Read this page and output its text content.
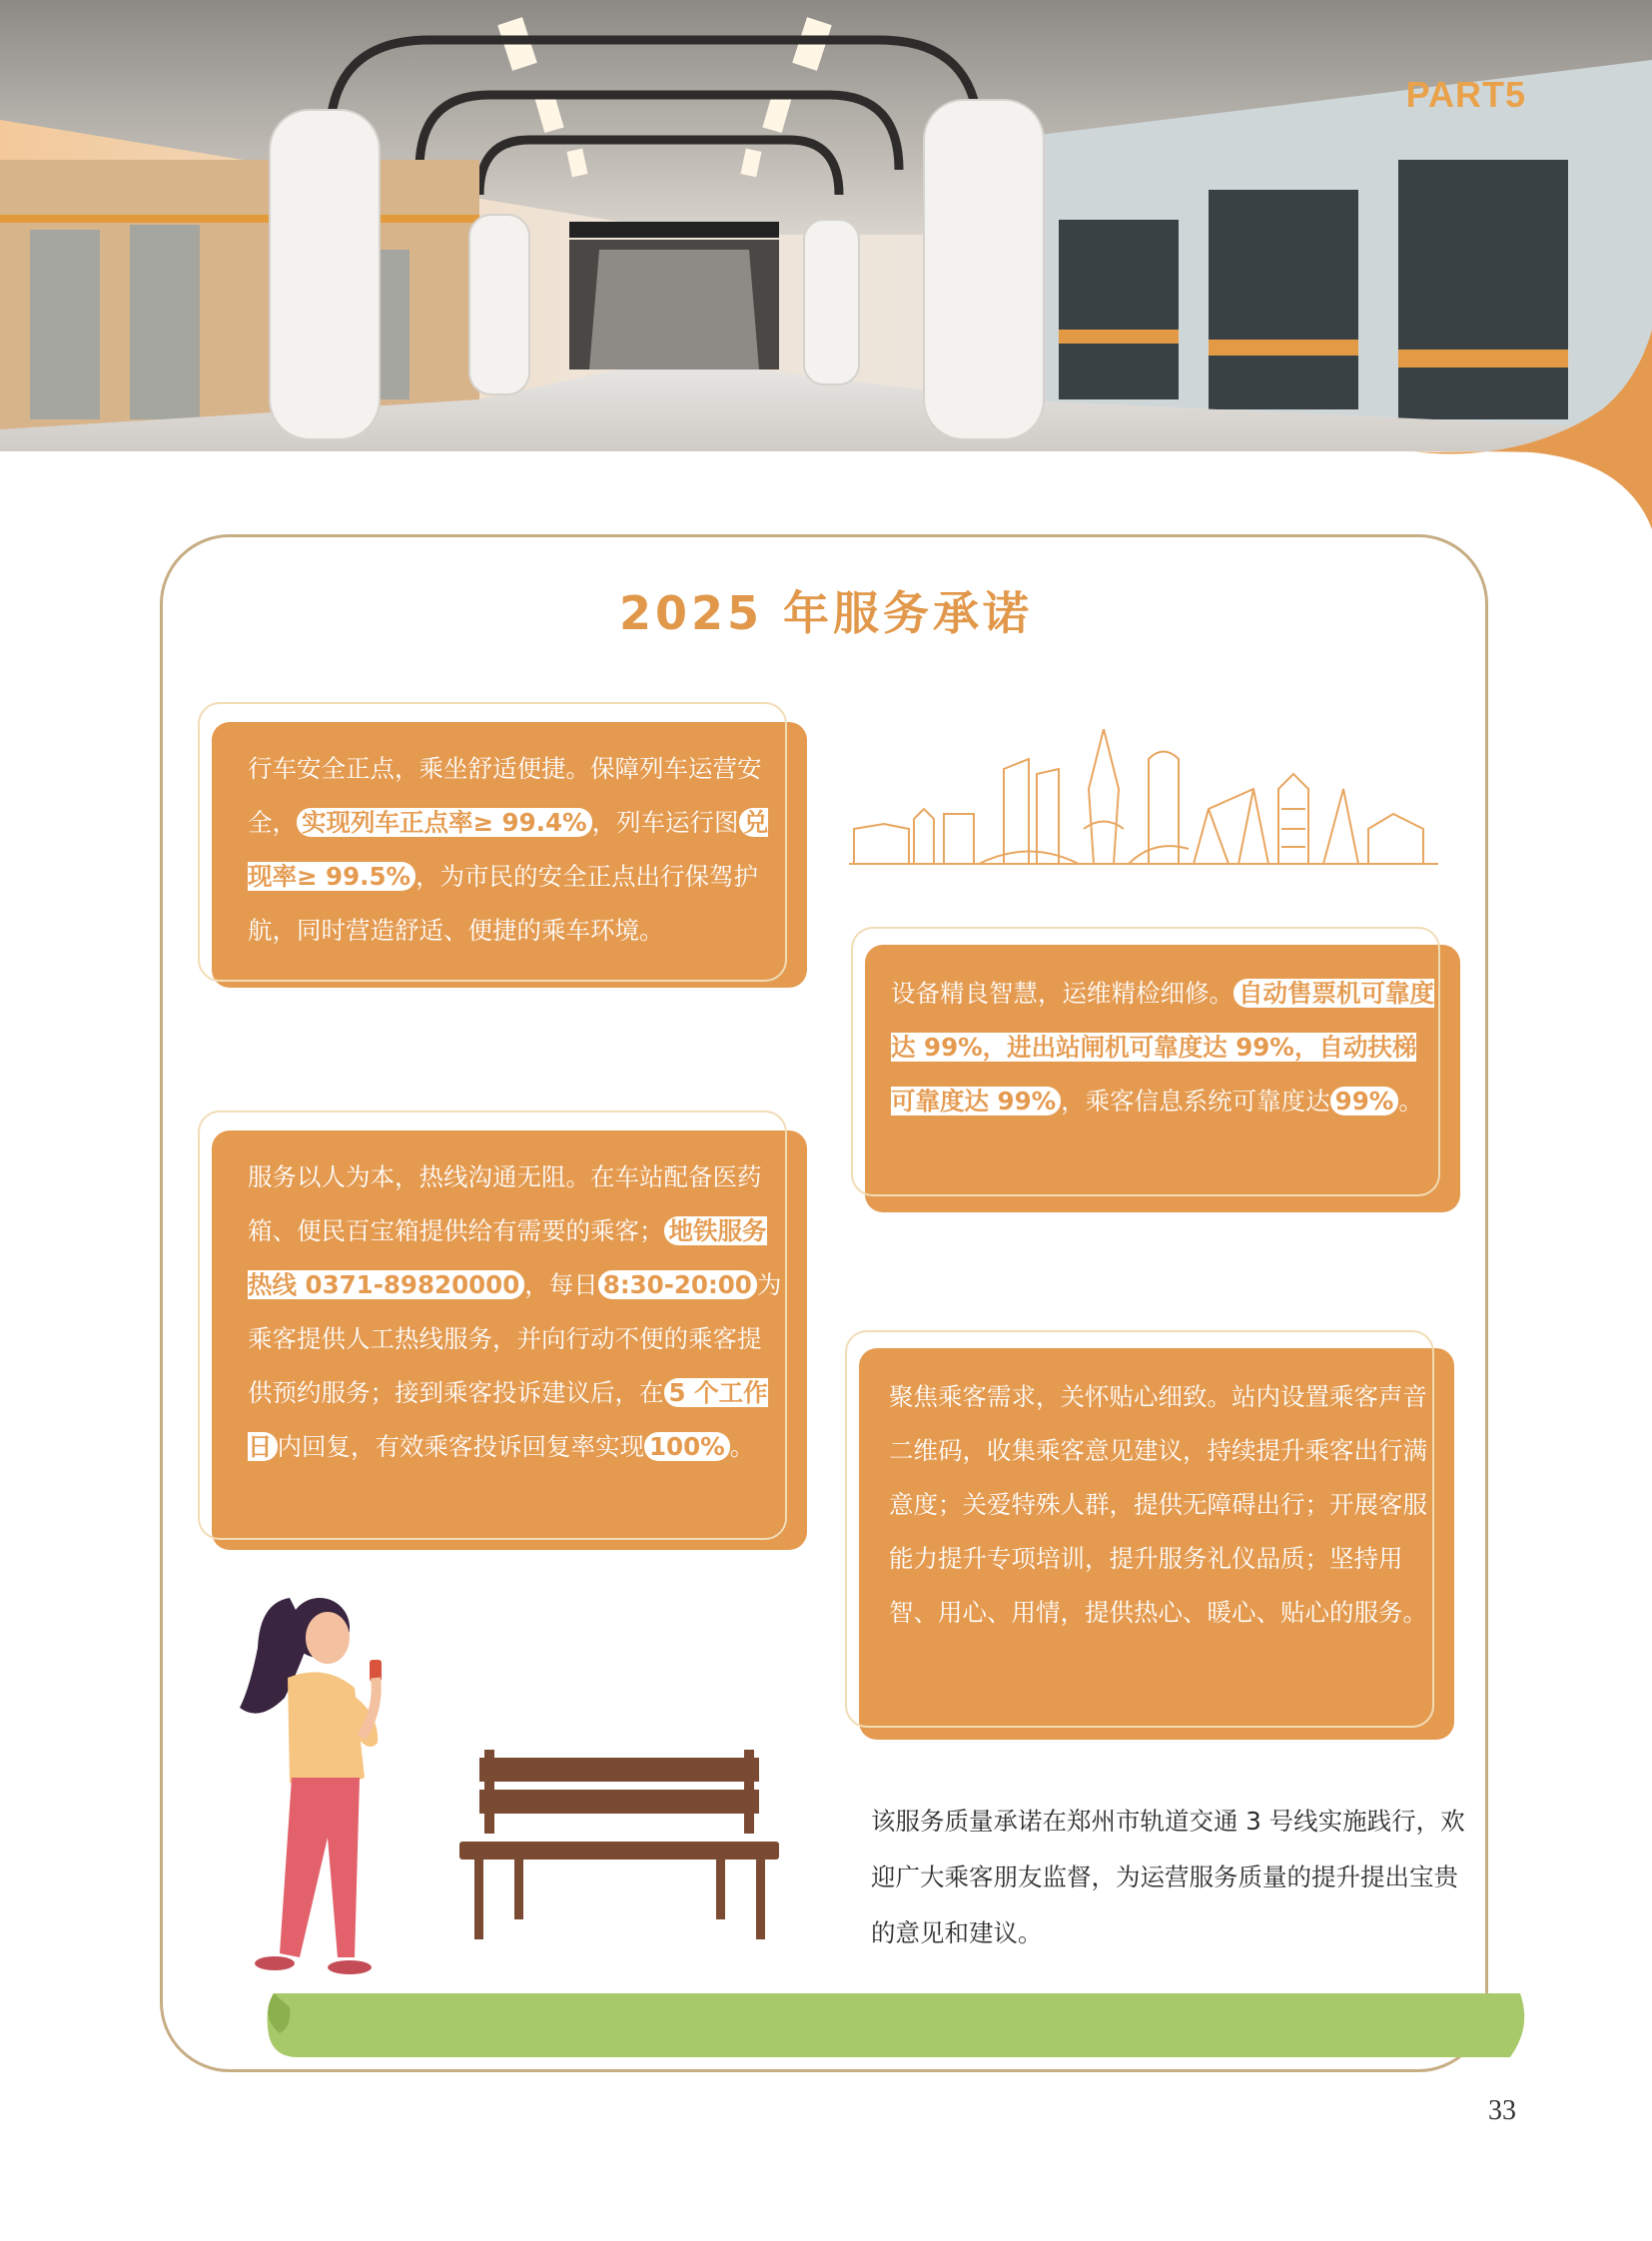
PART5
2025 年服务承诺

行车安全正点，乘坐舒适便捷。保障列车运营安全， 实现列车正点率≥ 99.4% ，列车运行图 兑现率≥ 99.5% ，为市民的安全正点出行保驾护航，同时营造舒适、便捷的乘车环境。

设备精良智慧，运维精检细修。 自动售票机可靠度达 99%，进出站闸机可靠度达 99%，自动扶梯可靠度达 99% ，乘客信息系统可靠度达 99% 。

服务以人为本，热线沟通无阻。在车站配备医药箱、便民百宝箱提供给有需要的乘客； 地铁服务热线 0371-89820000 ，每日 8:30-20:00 为乘客提供人工热线服务，并向行动不便的乘客提供预约服务；接到乘客投诉建议后，在 5 个工作日 内回复，有效乘客投诉回复率实现 100% 。

聚焦乘客需求，关怀贴心细致。站内设置乘客声音二维码，收集乘客意见建议，持续提升乘客出行满意度；关爱特殊人群，提供无障碍出行；开展客服能力提升专项培训，提升服务礼仪品质；坚持用智、用心、用情，提供热心、暖心、贴心的服务。

该服务质量承诺在郑州市轨道交通 3 号线实施践行，欢迎广大乘客朋友监督，为运营服务质量的提升提出宝贵的意见和建议。
33
